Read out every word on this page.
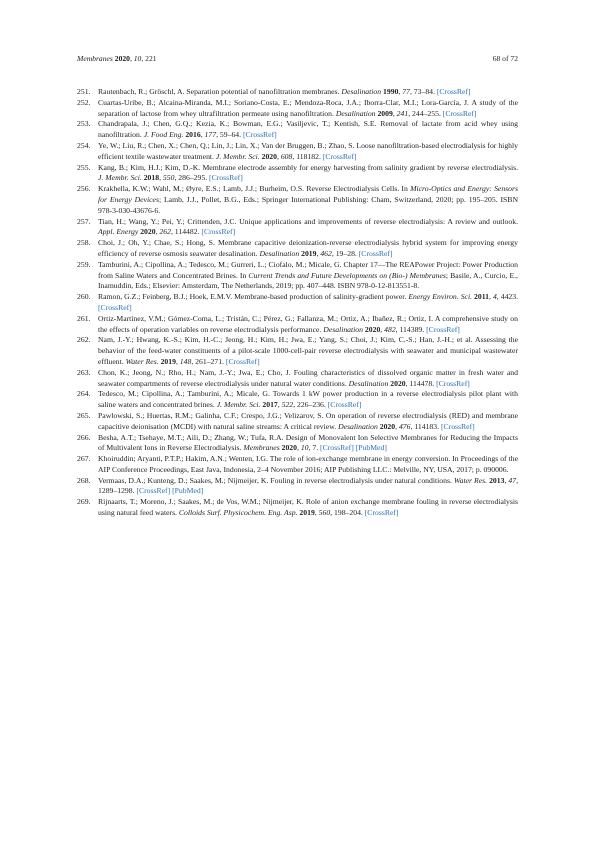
Membranes 2020, 10, 221	68 of 72
251. Rautenbach, R.; Gröschl, A. Separation potential of nanofiltration membranes. Desalination 1990, 77, 73–84. [CrossRef]
252. Cuartas-Uribe, B.; Alcaina-Miranda, M.I.; Soriano-Costa, E.; Mendoza-Roca, J.A.; Iborra-Clar, M.I.; Lora-García, J. A study of the separation of lactose from whey ultrafiltration permeate using nanofiltration. Desalination 2009, 241, 244–255. [CrossRef]
253. Chandrapala, J.; Chen, G.Q.; Kezia, K.; Bowman, E.G.; Vasiljevic, T.; Kentish, S.E. Removal of lactate from acid whey using nanofiltration. J. Food Eng. 2016, 177, 59–64. [CrossRef]
254. Ye, W.; Liu, R.; Chen, X.; Chen, Q.; Lin, J.; Lin, X.; Van der Bruggen, B.; Zhao, S. Loose nanofiltration-based electrodialysis for highly efficient textile wastewater treatment. J. Membr. Sci. 2020, 608, 118182. [CrossRef]
255. Kang, B.; Kim, H.J.; Kim, D.-K. Membrane electrode assembly for energy harvesting from salinity gradient by reverse electrodialysis. J. Membr. Sci. 2018, 550, 286–295. [CrossRef]
256. Krakhella, K.W.; Wahl, M.; Øyre, E.S.; Lamb, J.J.; Burheim, O.S. Reverse Electrodialysis Cells. In Micro-Optics and Energy: Sensors for Energy Devices; Lamb, J.J., Pollet, B.G., Eds.; Springer International Publishing: Cham, Switzerland, 2020; pp. 195–205. ISBN 978-3-030-43676-6.
257. Tian, H.; Wang, Y.; Pei, Y.; Crittenden, J.C. Unique applications and improvements of reverse electrodialysis: A review and outlook. Appl. Energy 2020, 262, 114482. [CrossRef]
258. Choi, J.; Oh, Y.; Chae, S.; Hong, S. Membrane capacitive deionization-reverse electrodialysis hybrid system for improving energy efficiency of reverse osmosis seawater desalination. Desalination 2019, 462, 19–28. [CrossRef]
259. Tamburini, A.; Cipollina, A.; Tedesco, M.; Gurreri, L.; Ciofalo, M.; Micale, G. Chapter 17—The REAPower Project: Power Production from Saline Waters and Concentrated Brines. In Current Trends and Future Developments on (Bio-) Membranes; Basile, A., Curcio, E., Inamuddin, Eds.; Elsevier: Amsterdam, The Netherlands, 2019; pp. 407–448. ISBN 978-0-12-813551-8.
260. Ramon, G.Z.; Feinberg, B.J.; Hoek, E.M.V. Membrane-based production of salinity-gradient power. Energy Environ. Sci. 2011, 4, 4423. [CrossRef]
261. Ortiz-Martínez, V.M.; Gómez-Coma, L.; Tristán, C.; Pérez, G.; Fallanza, M.; Ortiz, A.; Ibañez, R.; Ortiz, I. A comprehensive study on the effects of operation variables on reverse electrodialysis performance. Desalination 2020, 482, 114389. [CrossRef]
262. Nam, J.-Y.; Hwang, K.-S.; Kim, H.-C.; Jeong, H.; Kim, H.; Jwa, E.; Yang, S.; Choi, J.; Kim, C.-S.; Han, J.-H.; et al. Assessing the behavior of the feed-water constituents of a pilot-scale 1000-cell-pair reverse electrodialysis with seawater and municipal wastewater effluent. Water Res. 2019, 148, 261–271. [CrossRef]
263. Chon, K.; Jeong, N.; Rho, H.; Nam, J.-Y.; Jwa, E.; Cho, J. Fouling characteristics of dissolved organic matter in fresh water and seawater compartments of reverse electrodialysis under natural water conditions. Desalination 2020, 114478. [CrossRef]
264. Tedesco, M.; Cipollina, A.; Tamburini, A.; Micale, G. Towards 1 kW power production in a reverse electrodialysis pilot plant with saline waters and concentrated brines. J. Membr. Sci. 2017, 522, 226–236. [CrossRef]
265. Pawlowski, S.; Huertas, R.M.; Galinha, C.F.; Crespo, J.G.; Velizarov, S. On operation of reverse electrodialysis (RED) and membrane capacitive deionisation (MCDI) with natural saline streams: A critical review. Desalination 2020, 476, 114183. [CrossRef]
266. Besha, A.T.; Tsehaye, M.T.; Aili, D.; Zhang, W.; Tufa, R.A. Design of Monovalent Ion Selective Membranes for Reducing the Impacts of Multivalent Ions in Reverse Electrodialysis. Membranes 2020, 10, 7. [CrossRef] [PubMed]
267. Khoiruddin; Aryanti, P.T.P.; Hakim, A.N.; Wenten, I.G. The role of ion-exchange membrane in energy conversion. In Proceedings of the AIP Conference Proceedings, East Java, Indonesia, 2–4 November 2016; AIP Publishing LLC.: Melville, NY, USA, 2017; p. 090006.
268. Vermaas, D.A.; Kunteng, D.; Saakes, M.; Nijmeijer, K. Fouling in reverse electrodialysis under natural conditions. Water Res. 2013, 47, 1289–1298. [CrossRef] [PubMed]
269. Rijnaarts, T.; Moreno, J.; Saakes, M.; de Vos, W.M.; Nijmeijer, K. Role of anion exchange membrane fouling in reverse electrodialysis using natural feed waters. Colloids Surf. Physicochem. Eng. Asp. 2019, 560, 198–204. [CrossRef]
